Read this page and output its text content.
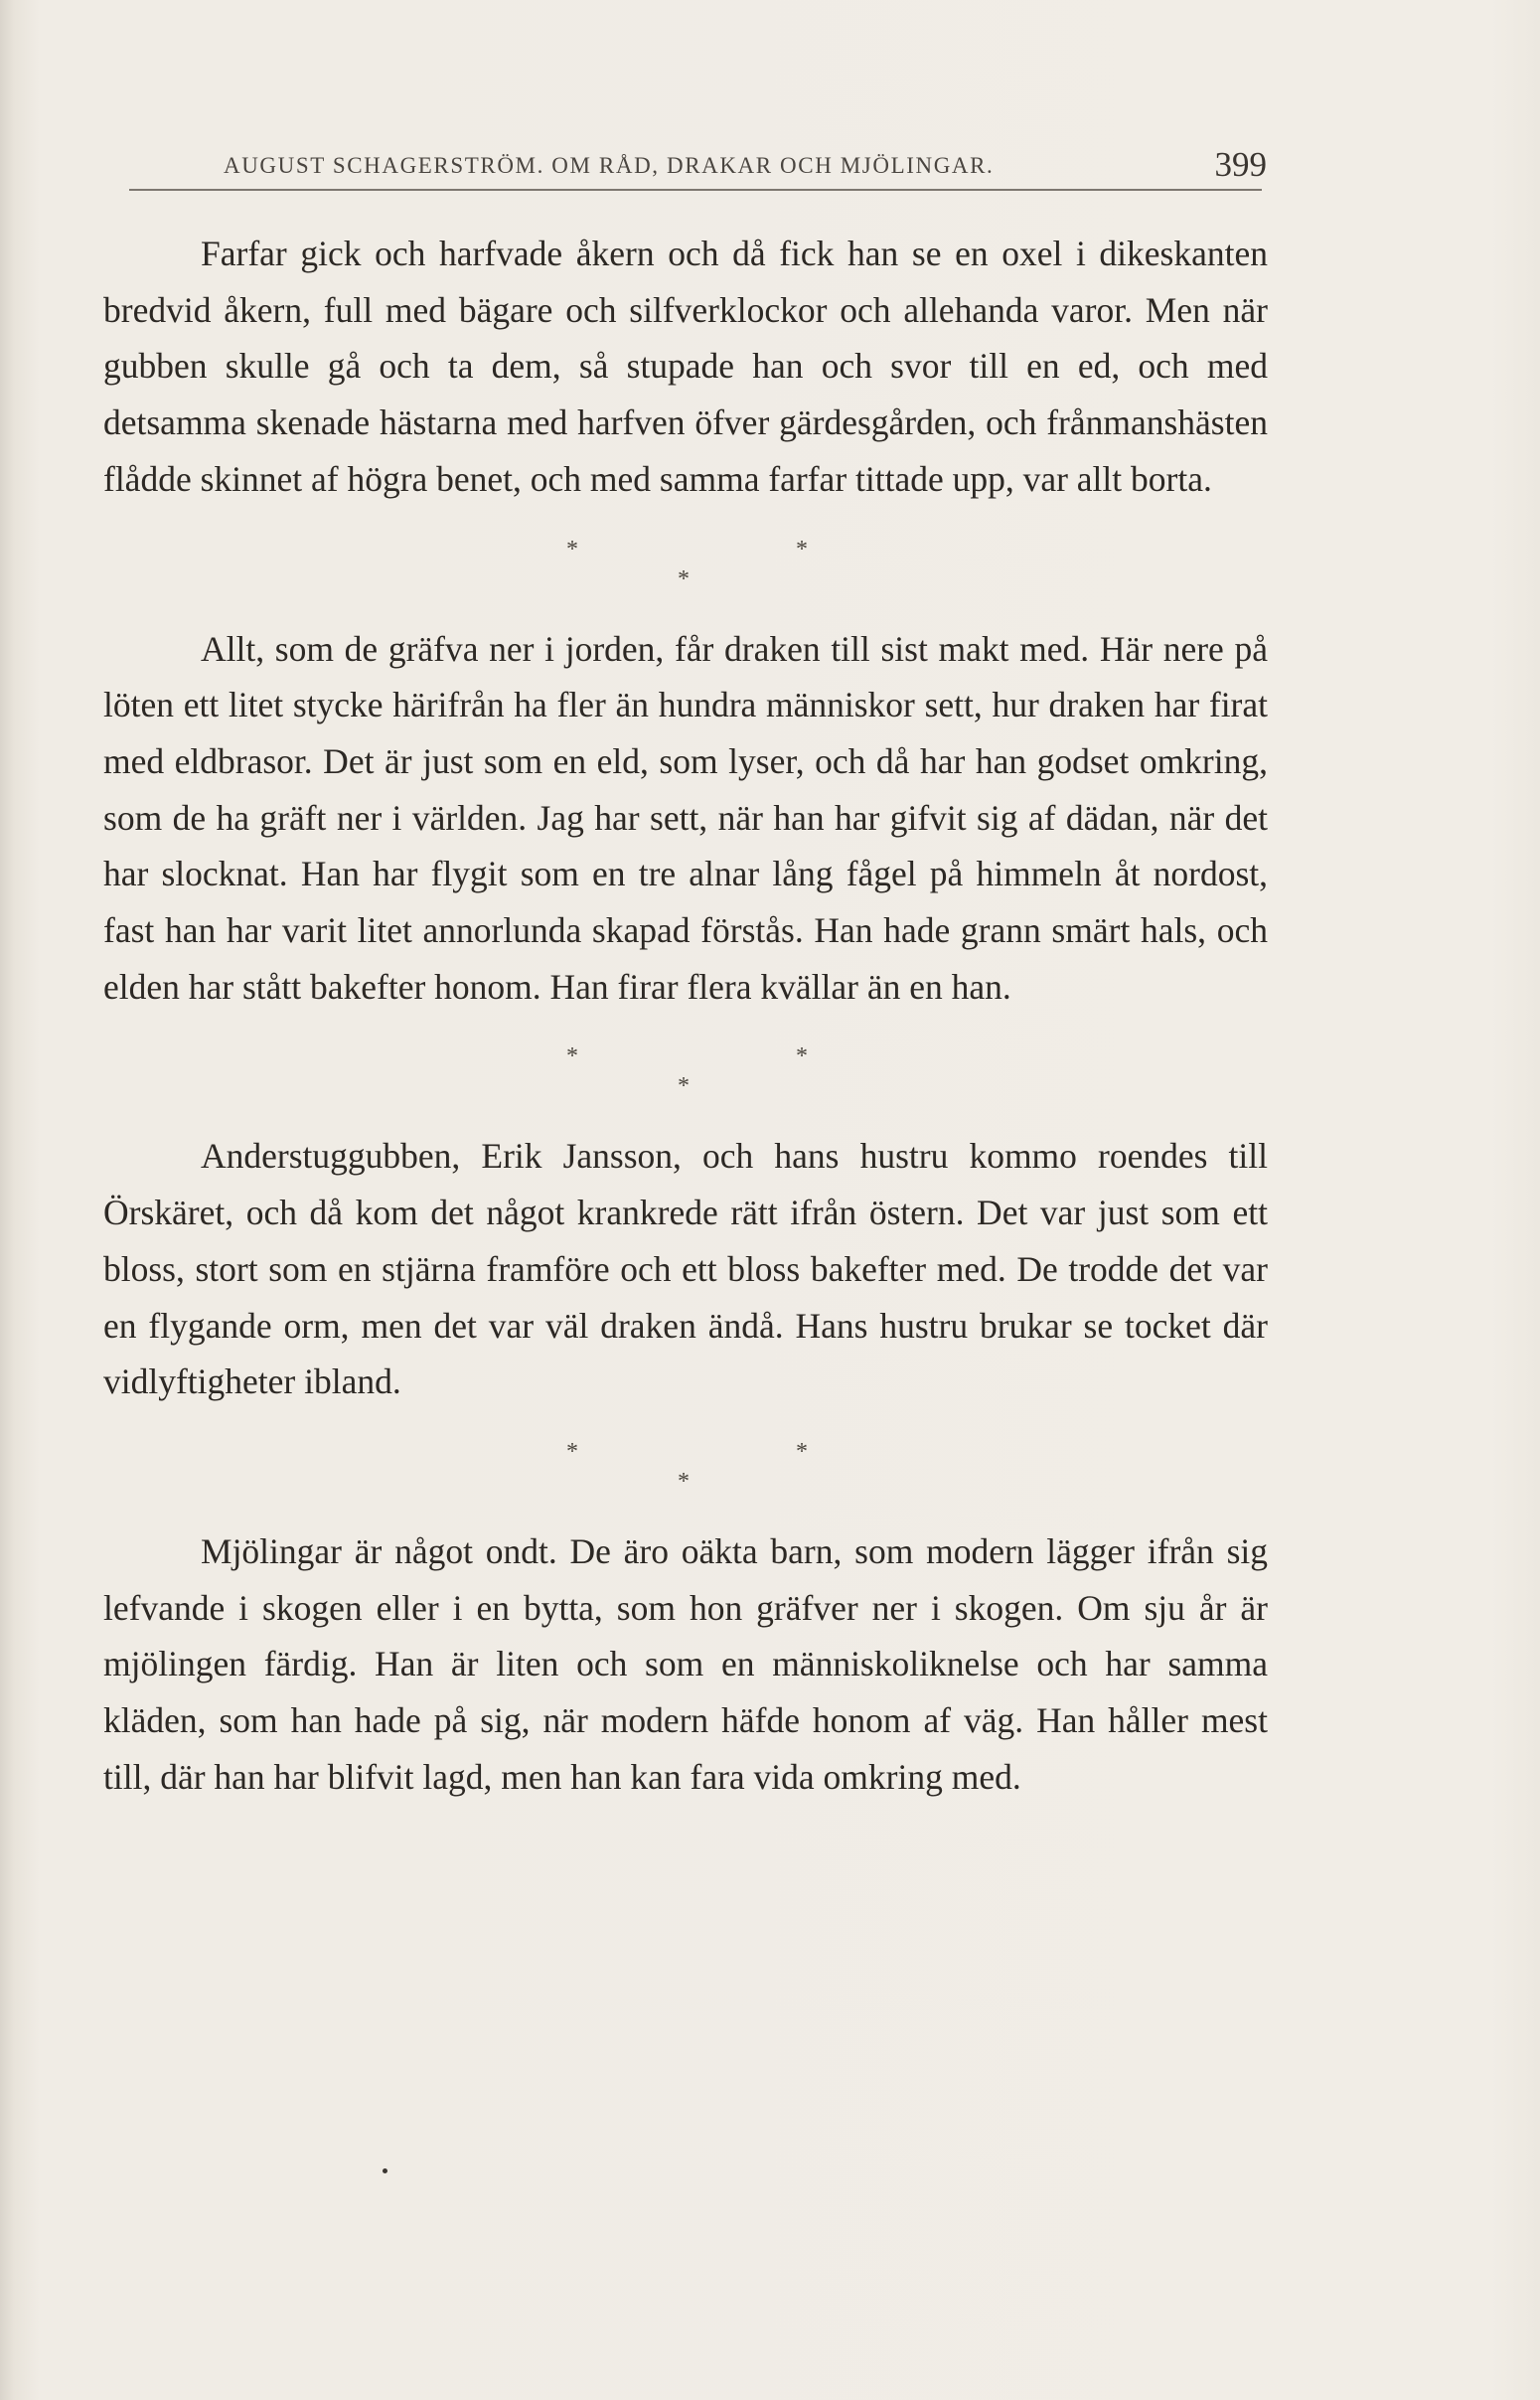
AUGUST SCHAGERSTRÖM. OM RÅD, DRAKAR OCH MJÖLINGAR.	399

Farfar gick och harfvade åkern och då fick han se en oxel i dikeskanten bredvid åkern, full med bägare och silfverklockor och allehanda varor. Men när gubben skulle gå och ta dem, så stupade han och svor till en ed, och med detsamma skenade hästarna med harfven öfver gärdesgården, och frånmanshästen flådde skinnet af högra benet, och med samma farfar tittade upp, var allt borta.

*	*
*

Allt, som de gräfva ner i jorden, får draken till sist makt med. Här nere på löten ett litet stycke härifrån ha fler än hundra människor sett, hur draken har firat med eldbrasor. Det är just som en eld, som lyser, och då har han godset omkring, som de ha gräft ner i världen. Jag har sett, när han har gifvit sig af dädan, när det har slocknat. Han har flygit som en tre alnar lång fågel på himmeln åt nordost, fast han har varit litet annorlunda skapad förstås. Han hade grann smärt hals, och elden har stått bakefter honom. Han firar flera kvällar än en han.

*	*
*

Anderstuggubben, Erik Jansson, och hans hustru kommo roendes till Örskäret, och då kom det något krankrede rätt ifrån östern. Det var just som ett bloss, stort som en stjärna framföre och ett bloss bakefter med. De trodde det var en flygande orm, men det var väl draken ändå. Hans hustru brukar se tocket där vidlyftigheter ibland.

*	*
*

Mjölingar är något ondt. De äro oäkta barn, som modern lägger ifrån sig lefvande i skogen eller i en bytta, som hon gräfver ner i skogen. Om sju år är mjölingen färdig. Han är liten och som en människoliknelse och har samma kläden, som han hade på sig, när modern häfde honom af väg. Han håller mest till, där han har blifvit lagd, men han kan fara vida omkring med.
